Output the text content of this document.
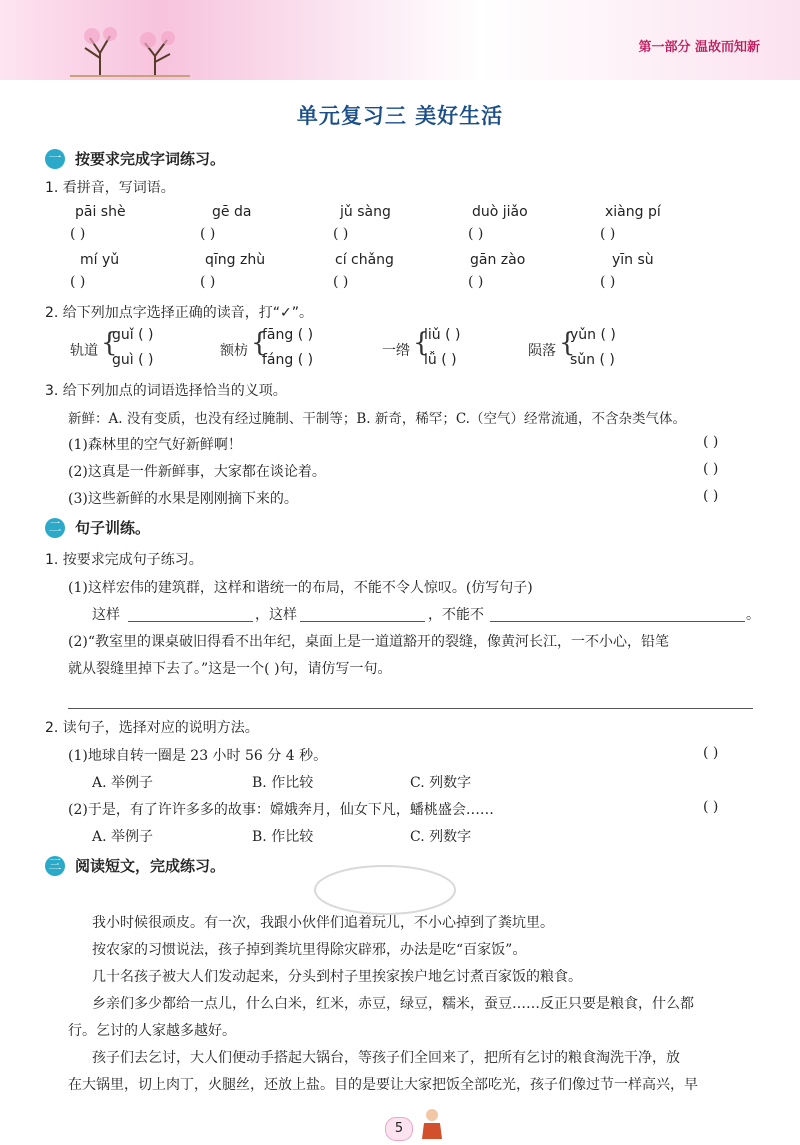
第一部分 温故而知新
单元复习三 美好生活
一 按要求完成字词练习。
1. 看拼音，写词语。
pāi shè	gē da	jǔ sàng	duò jiǎo	xiàng pí
( )	( )	( )	( )	( )
mí yǔ	qīng zhù	cí chǎng	gān zào	yīn sù
( )	( )	( )	( )	( )
2. 给下列加点字选择正确的读音，打“✓”。
轨道 {
guǐ ( )
guì ( )
额枋 {
fāng ( )
fáng ( )
一绺 {
liǔ ( )
lǚ ( )
陨落 {
yǔn ( )
sǔn ( )
3. 给下列加点的词语选择恰当的义项。
新鲜：A. 没有变质，也没有经过腌制、干制等；B. 新奇，稀罕；C.（空气）经常流通，不含杂类气体。
(1)森林里的空气好新鲜啊！	( )
(2)这真是一件新鲜事，大家都在谈论着。	( )
(3)这些新鲜的水果是刚刚摘下来的。	( )
二 句子训练。
1. 按要求完成句子练习。
(1)这样宏伟的建筑群，这样和谐统一的布局，不能不令人惊叹。(仿写句子)
这样	，这样	，不能不	。
(2)“教室里的课桌破旧得看不出年纪，桌面上是一道道豁开的裂缝，像黄河长江，一不小心，铅笔
就从裂缝里掉下去了。”这是一个( )句，请仿写一句。
2. 读句子，选择对应的说明方法。
(1)地球自转一圈是 23 小时 56 分 4 秒。	( )
A. 举例子	B. 作比较	C. 列数字
(2)于是，有了许许多多的故事：嫦娥奔月，仙女下凡，蟠桃盛会……	( )
A. 举例子	B. 作比较	C. 列数字
三 阅读短文，完成练习。
我小时候很顽皮。有一次，我跟小伙伴们追着玩儿，不小心掉到了粪坑里。
按农家的习惯说法，孩子掉到粪坑里得除灾辟邪，办法是吃“百家饭”。
几十名孩子被大人们发动起来，分头到村子里挨家挨户地乞讨煮百家饭的粮食。
乡亲们多少都给一点儿，什么白米，红米，赤豆，绿豆，糯米，蚕豆……反正只要是粮食，什么都
行。乞讨的人家越多越好。
孩子们去乞讨，大人们便动手搭起大锅台，等孩子们全回来了，把所有乞讨的粮食淘洗干净，放
在大锅里，切上肉丁，火腿丝，还放上盐。目的是要让大家把饭全部吃光，孩子们像过节一样高兴，早
5
